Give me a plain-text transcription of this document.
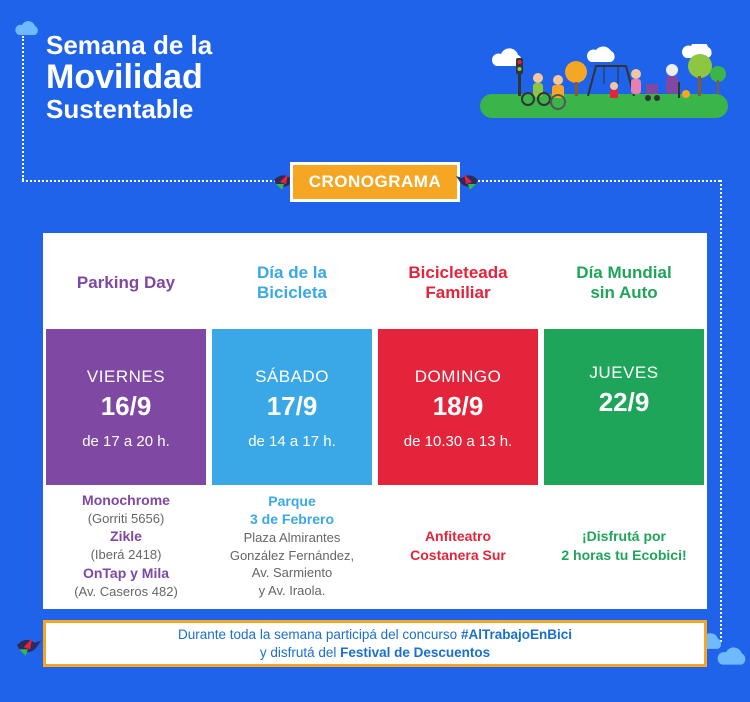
Semana de la
Movilidad
Sustentable
CRONOGRAMA
Parking Day
VIERNES
16/9
de 17 a 20 h.
Monochrome
(Gorriti 5656)
Zikle
(Iberá 2418)
OnTap y Mila
(Av. Caseros 482)
Día de la Bicicleta
SÁBADO
17/9
de 14 a 17 h.
Parque
3 de Febrero
Plaza Almirantes
González Fernández,
Av. Sarmiento
y Av. Iraola.
Bicicleteada Familiar
DOMINGO
18/9
de 10.30 a 13 h.
Anfiteatro
Costanera Sur
Día Mundial sin Auto
JUEVES
22/9
¡Disfrutá por
2 horas tu Ecobici!
Durante toda la semana participá del concurso #AlTrabajoEnBici
y disfrutá del Festival de Descuentos
